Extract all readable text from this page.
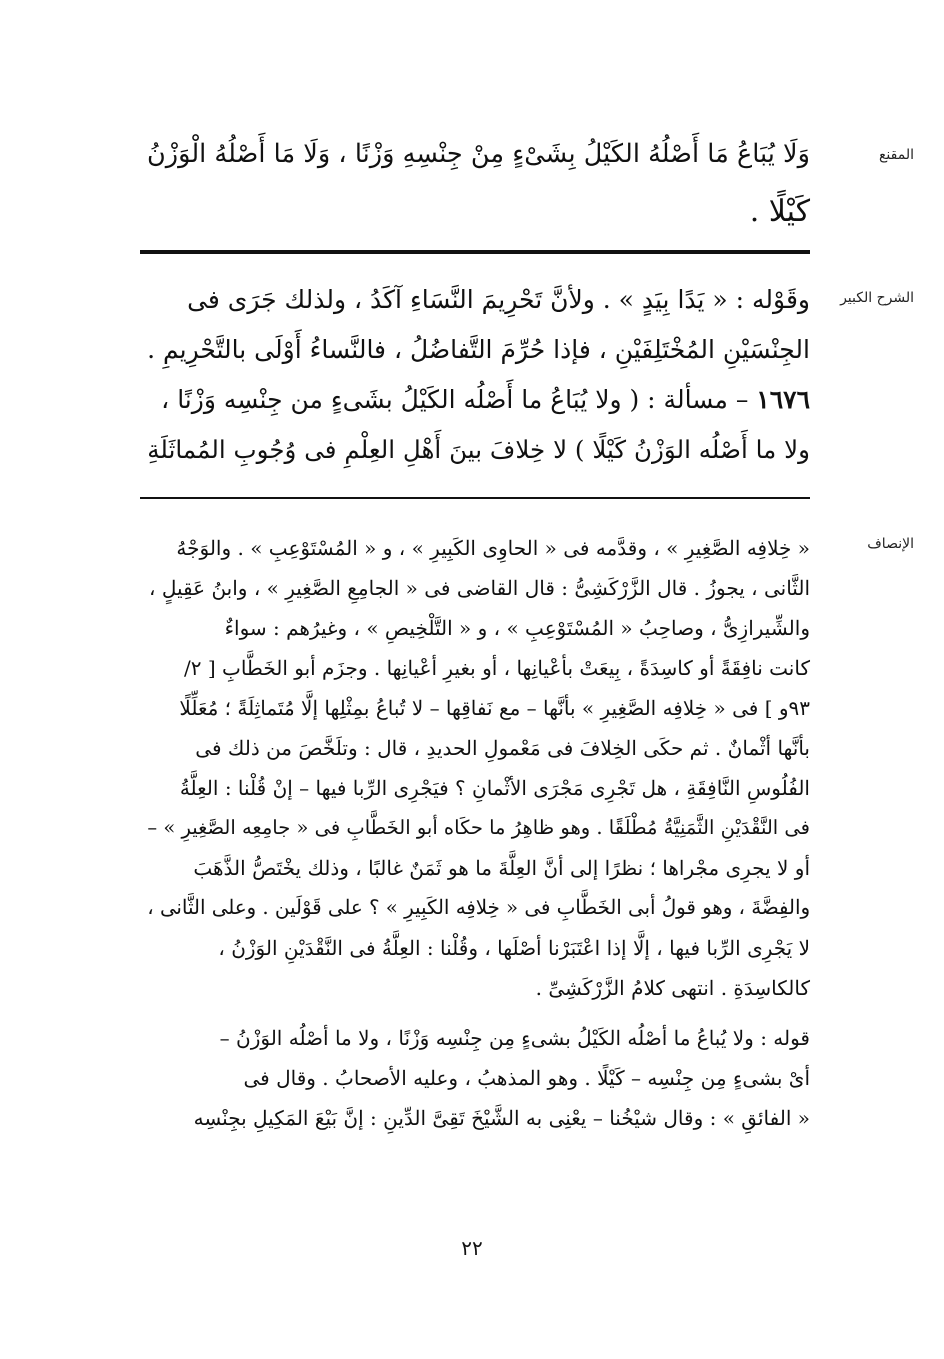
المقنع
وَلَا يُبَاعُ مَا أَصْلُهُ الكَيْلُ بِشَىْءٍ مِنْ جِنْسِهِ وَزْنًا ، وَلَا مَا أَصْلُهُ الْوَزْنُ
كَيْلًا .
الشرح الكبير
وقَوْله : « يَدًا بِيَدٍ » . ولأنَّ تَحْرِيمَ النَّسَاءِ آكَدُ ، ولذلك جَرَى فى
الجِنْسَيْنِ المُخْتَلِفَيْنِ ، فإذا حُرِّمَ التَّفاضُلُ ، فالنَّساءُ أَوْلَى بالتَّحْرِيمِ .
١٦٧٦ – مسألة : ( ولا يُبَاعُ ما أَصْلُه الكَيْلُ بشَىءٍ من جِنْسِه وَزْنًا ،
ولا ما أَصْلُه الوَزْنُ كَيْلًا ) لا خِلافَ بينَ أَهْلِ العِلْمِ فى وُجُوبِ المُماثَلَةِ
الإنصاف
« خِلافِه الصَّغِيرِ » ، وقدَّمه فى « الحاوِى الكَبِيرِ » ، و « المُسْتَوْعِبِ » . والوَجْهُ
الثَّانى ، يجوزُ . قال الزَّرْكَشِىُّ : قال القاضى فى « الجامِعِ الصَّغِيرِ » ، وابنُ عَقِيلٍ ،
والشِّيرازِىُّ ، وصاحِبُ « المُسْتَوْعِبِ » ، و « التَّلْخِيصِ » ، وغيرُهم : سواءٌ
كانت نافِقَةً أو كاسِدَةً ، بِيعَتْ بأعْيانِها ، أو بغيرِ أعْيانِها . وجزَم أبو الخَطَّابِ [ ٢/
٩٣و ] فى « خِلافِه الصَّغِيرِ » بأنَّها – مع نَفاقِها – لا تُباعُ بمِثْلِها إلَّا مُتَماثِلَةً ؛ مُعَلِّلًا
بأنَّها أثْمانٌ . ثم حكَى الخِلافَ فى مَعْمولِ الحديدِ ، قال : وتلَخَّصَ من ذلك فى
الفُلُوسِ النَّافِقَةِ ، هل تَجْرِى مَجْرَى الأثْمانِ ؟ فيَجْرِى الرِّبا فيها – إنْ قُلْنا : العِلَّةُ
فى النَّقْدَيْنِ الثَّمَنِيَّةُ مُطْلَقًا . وهو ظاهِرُ ما حكَاه أبو الخَطَّابِ فى « جامِعِه الصَّغِيرِ » –
أو لا يجرِى مجْراها ؛ نظرًا إلى أنَّ العِلَّةَ ما هو ثَمَنٌ غالبًا ، وذلك يخْتَصُّ الذَّهَبَ
والفِضَّةَ ، وهو قولُ أبى الخَطَّابِ فى « خِلافِه الكَبِيرِ » ؟ على قَوْلَين . وعلى الثَّانى ،
لا يَجْرِى الرِّبا فيها ، إلَّا إذا اعْتَبَرْنا أصْلَها ، وقُلْنا : العِلَّةُ فى النَّقْدَيْنِ الوَزْنُ ،
كالكاسِدَةِ . انتهى كلامُ الزَّرْكَشِىِّ .
قوله : ولا يُباعُ ما أصْلُه الكَيْلُ بشىءٍ مِن جِنْسِه وَزْنًا ، ولا ما أصْلُه الوَزْنُ –
أىْ بشىءٍ مِن جِنْسِه – كَيْلًا . وهو المذهبُ ، وعليه الأصحابُ . وقال فى
« الفائقِ » : وقال شيْخُنا – يعْنِى به الشَّيْخَ تَقِىَّ الدِّينِ : إنَّ بَيْعَ المَكِيلِ بجِنْسِه
٢٢
